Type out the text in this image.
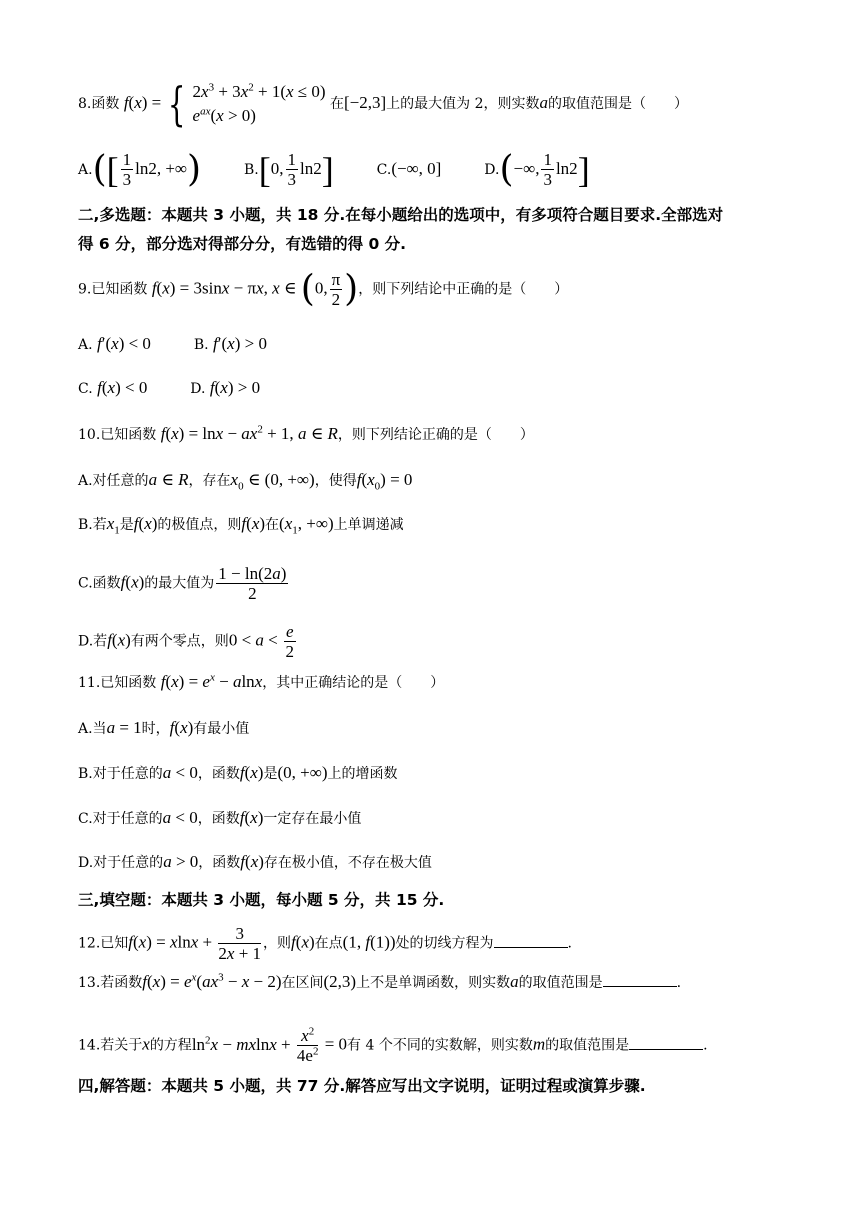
8.函数 f(x) = { $2x^3 + 3x^2 + 1(x \le 0)$
$e^{ax}(x > 0)$
在[−2,3]上的最大值为 2，则实数a的取值范围是（　　）
$A.([ \frac{1}{3} \ln 2$, +∞)	B.[0, $\frac{1}{3} \ln 2$]	C.(−∞, 0]	D.(−∞, $\frac{1}{3} \ln 2$]
二,多选题：本题共 3 小题，共 18 分.在每小题给出的选项中，有多项符合题目要求.全部选对
得 6 分，部分选对得部分分，有选错的得 0 分.
9.已知函数 f(x) = 3sinx − πx, x ∈ (0, $\frac{\pi}{2}$ )，则下列结论中正确的是（　　）
A. f′(x) < 0	B. f′(x) > 0
C. f(x) < 0	D. f(x) > 0
10.已知函数 $f(x) = \ln x - ax^2 + 1$, a ∈ R，则下列结论正确的是（　　）
A.对任意的a ∈ R，存在$x_0$ ∈ (0, +∞)，使得$f(x_0) = 0$
B.若$x_1$是f(x)的极值点，则f(x)在($x_1$, +∞)上单调递减
C.函数f(x)的最大值为 $\frac{1 - \ln(2a)}{2}$
D.若f(x)有两个零点，则$0 < a < \frac{e}{2}$
11.已知函数 $f(x) = e^x - alnx$，其中正确结论的是（　　）
A.当a = 1时，f(x)有最小值
B.对于任意的a < 0，函数f(x)是(0, +∞)上的增函数
C.对于任意的a < 0，函数f(x)一定存在最小值
D.对于任意的a > 0，函数f(x)存在极小值，不存在极大值
三,填空题：本题共 3 小题，每小题 5 分，共 15 分.
12.已知$f(x) = xlnx + \frac{3}{2x + 1}$ ，则f(x)在点(1, f(1))处的切线方程为	.
13.若函数$f(x) = e^x(ax^3 - x - 2)$在区间(2,3)上不是单调函数，则实数a的取值范围是	.
14.若关于x的方程$\ln^2x - mxlnx + \frac{x^2}{4e^2} = 0$有 4 个不同的实数解，则实数m的取值范围是	.
四,解答题：本题共 5 小题，共 77 分.解答应写出文字说明，证明过程或演算步骤.
